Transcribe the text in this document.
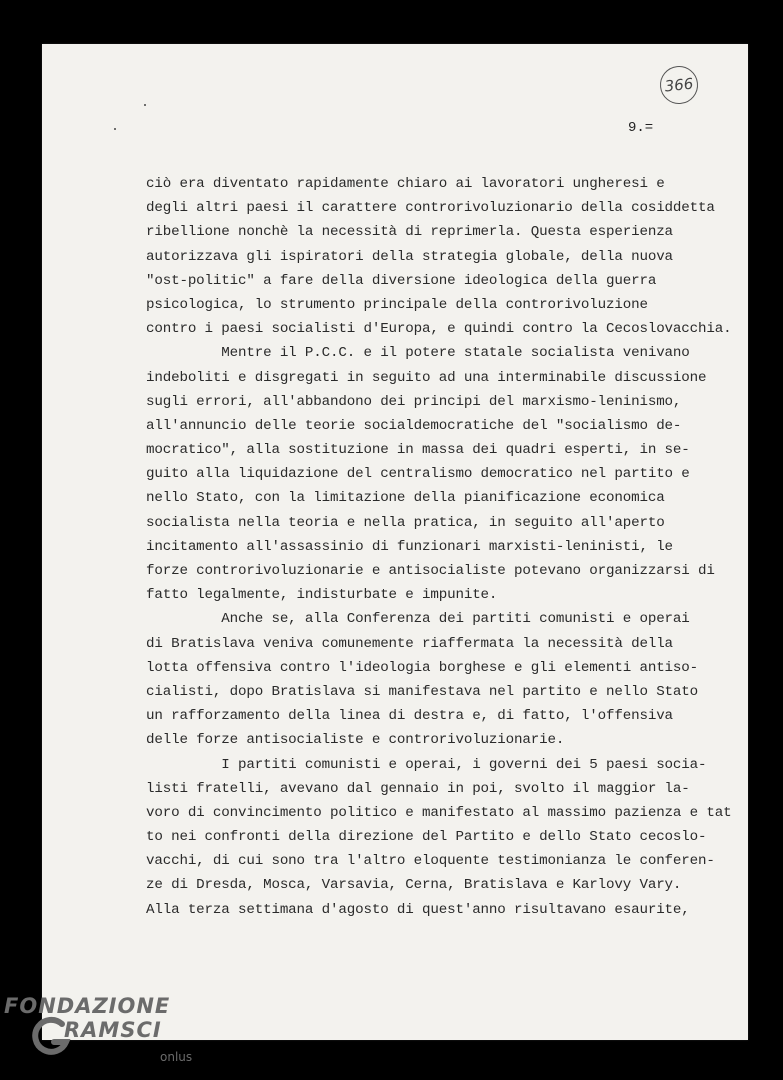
366
9.=
ciò era diventato rapidamente chiaro ai lavoratori ungheresi e
degli altri paesi il carattere controrivoluzionario della cosiddetta
ribellione nonchè la necessità di reprimerla. Questa esperienza
autorizzava gli ispiratori della strategia globale, della nuova
"ost-politic" a fare della diversione ideologica della guerra
psicologica, lo strumento principale della controrivoluzione
contro i paesi socialisti d'Europa, e quindi contro la Cecoslovacchia.
Mentre il P.C.C. e il potere statale socialista venivano
indeboliti e disgregati in seguito ad una interminabile discussione
sugli errori, all'abbandono dei principi del marxismo-leninismo,
all'annuncio delle teorie socialdemocratiche del "socialismo de-
mocratico", alla sostituzione in massa dei quadri esperti, in se-
guito alla liquidazione del centralismo democratico nel partito e
nello Stato, con la limitazione della pianificazione economica
socialista nella teoria e nella pratica, in seguito all'aperto
incitamento all'assassinio di funzionari marxisti-leninisti, le
forze controrivoluzionarie e antisocialiste potevano organizzarsi di
fatto legalmente, indisturbate e impunite.
Anche se, alla Conferenza dei partiti comunisti e operai
di Bratislava veniva comunemente riaffermata la necessità della
lotta offensiva contro l'ideologia borghese e gli elementi antiso-
cialisti, dopo Bratislava si manifestava nel partito e nello Stato
un rafforzamento della linea di destra e, di fatto, l'offensiva
delle forze antisocialiste e controrivoluzionarie.
I partiti comunisti e operai, i governi dei 5 paesi socia-
listi fratelli, avevano dal gennaio in poi, svolto il maggior la-
voro di convincimento politico e manifestato al massimo pazienza e tat
to nei confronti della direzione del Partito e dello Stato cecoslo-
vacchi, di cui sono tra l'altro eloquente testimonianza le conferen-
ze di Dresda, Mosca, Varsavia, Cerna, Bratislava e Karlovy Vary.
Alla terza settimana d'agosto di quest'anno risultavano esaurite,
FONDAZIONE
RAMSCI
onlus
